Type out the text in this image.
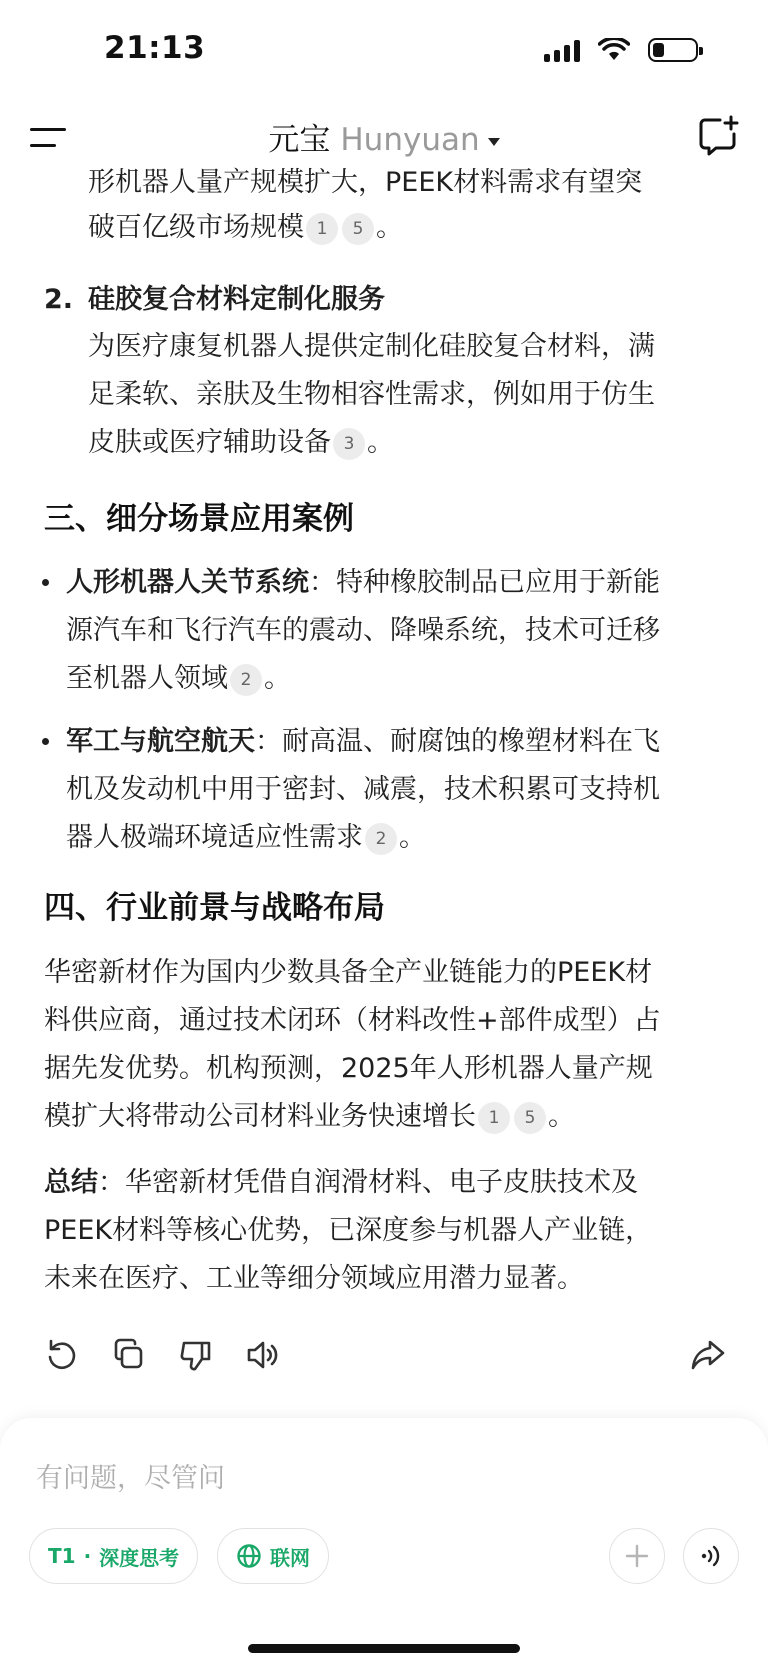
21:13
元宝 Hunyuan
形机器人量产规模扩大，PEEK材料需求有望突
破百亿级市场规模 1 5 。
2. 硅胶复合材料定制化服务
为医疗康复机器人提供定制化硅胶复合材料，满
足柔软、亲肤及生物相容性需求，例如用于仿生
皮肤或医疗辅助设备 3 。
三、细分场景应用案例
人形机器人关节系统：特种橡胶制品已应用于新能
源汽车和飞行汽车的震动、降噪系统，技术可迁移
至机器人领域 2 。
军工与航空航天：耐高温、耐腐蚀的橡塑材料在飞
机及发动机中用于密封、减震，技术积累可支持机
器人极端环境适应性需求 2 。
四、行业前景与战略布局
华密新材作为国内少数具备全产业链能力的PEEK材
料供应商，通过技术闭环（材料改性+部件成型）占
据先发优势。机构预测，2025年人形机器人量产规
模扩大将带动公司材料业务快速增长 1 5 。
总结：华密新材凭借自润滑材料、电子皮肤技术及
PEEK材料等核心优势，已深度参与机器人产业链，
未来在医疗、工业等细分领域应用潜力显著。
有问题，尽管问
T1 · 深度思考	联网
